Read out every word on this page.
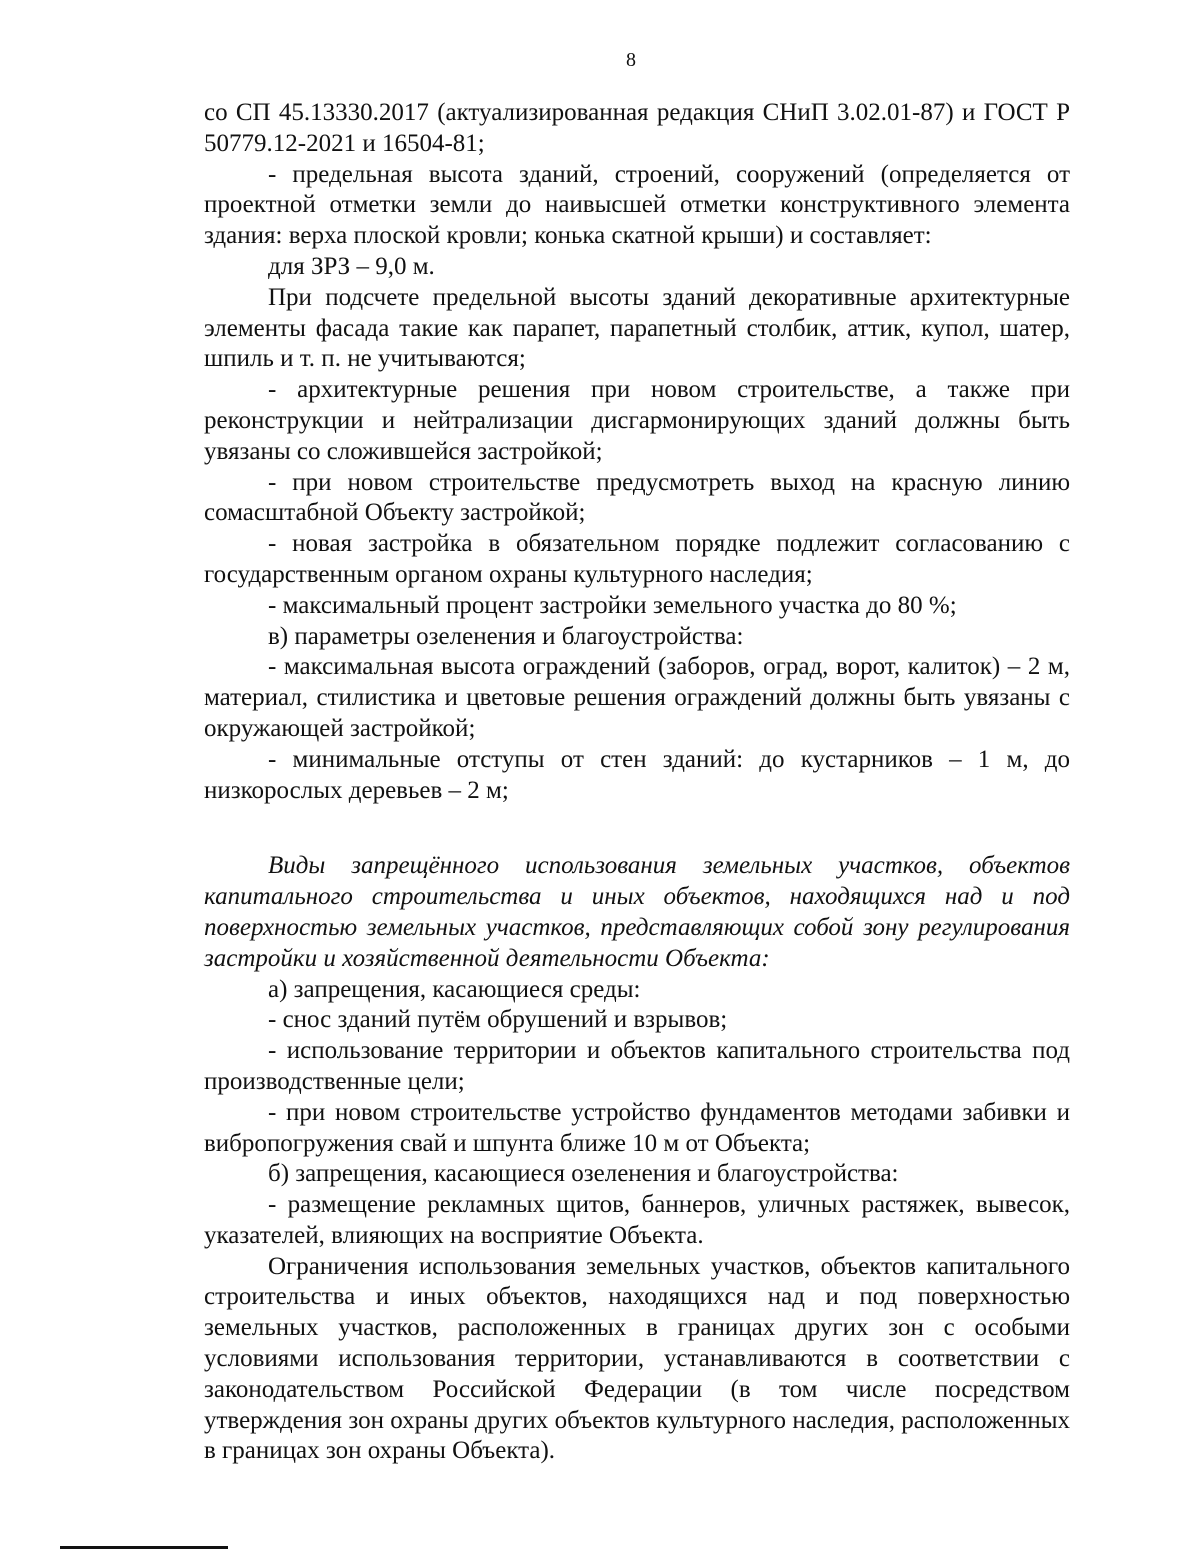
8

со СП 45.13330.2017 (актуализированная редакция СНиП 3.02.01-87) и ГОСТ Р 50779.12-2021 и 16504-81;

- предельная высота зданий, строений, сооружений (определяется от проектной отметки земли до наивысшей отметки конструктивного элемента здания: верха плоской кровли; конька скатной крыши) и составляет:

для ЗРЗ – 9,0 м.

При подсчете предельной высоты зданий декоративные архитектурные элементы фасада такие как парапет, парапетный столбик, аттик, купол, шатер, шпиль и т. п. не учитываются;

- архитектурные решения при новом строительстве, а также при реконструкции и нейтрализации дисгармонирующих зданий должны быть увязаны со сложившейся застройкой;

- при новом строительстве предусмотреть выход на красную линию сомасштабной Объекту застройкой;

- новая застройка в обязательном порядке подлежит согласованию с государственным органом охраны культурного наследия;

- максимальный процент застройки земельного участка до 80 %;

в) параметры озеленения и благоустройства:

- максимальная высота ограждений (заборов, оград, ворот, калиток) – 2 м, материал, стилистика и цветовые решения ограждений должны быть увязаны с окружающей застройкой;

- минимальные отступы от стен зданий: до кустарников – 1 м, до низкорослых деревьев – 2 м;

Виды запрещённого использования земельных участков, объектов капитального строительства и иных объектов, находящихся над и под поверхностью земельных участков, представляющих собой зону регулирования застройки и хозяйственной деятельности Объекта:

а) запрещения, касающиеся среды:

- снос зданий путём обрушений и взрывов;

- использование территории и объектов капитального строительства под производственные цели;

- при новом строительстве устройство фундаментов методами забивки и вибропогружения свай и шпунта ближе 10 м от Объекта;

б) запрещения, касающиеся озеленения и благоустройства:

- размещение рекламных щитов, баннеров, уличных растяжек, вывесок, указателей, влияющих на восприятие Объекта.

Ограничения использования земельных участков, объектов капитального строительства и иных объектов, находящихся над и под поверхностью земельных участков, расположенных в границах других зон с особыми условиями использования территории, устанавливаются в соответствии с законодательством Российской Федерации (в том числе посредством утверждения зон охраны других объектов культурного наследия, расположенных в границах зон охраны Объекта).
